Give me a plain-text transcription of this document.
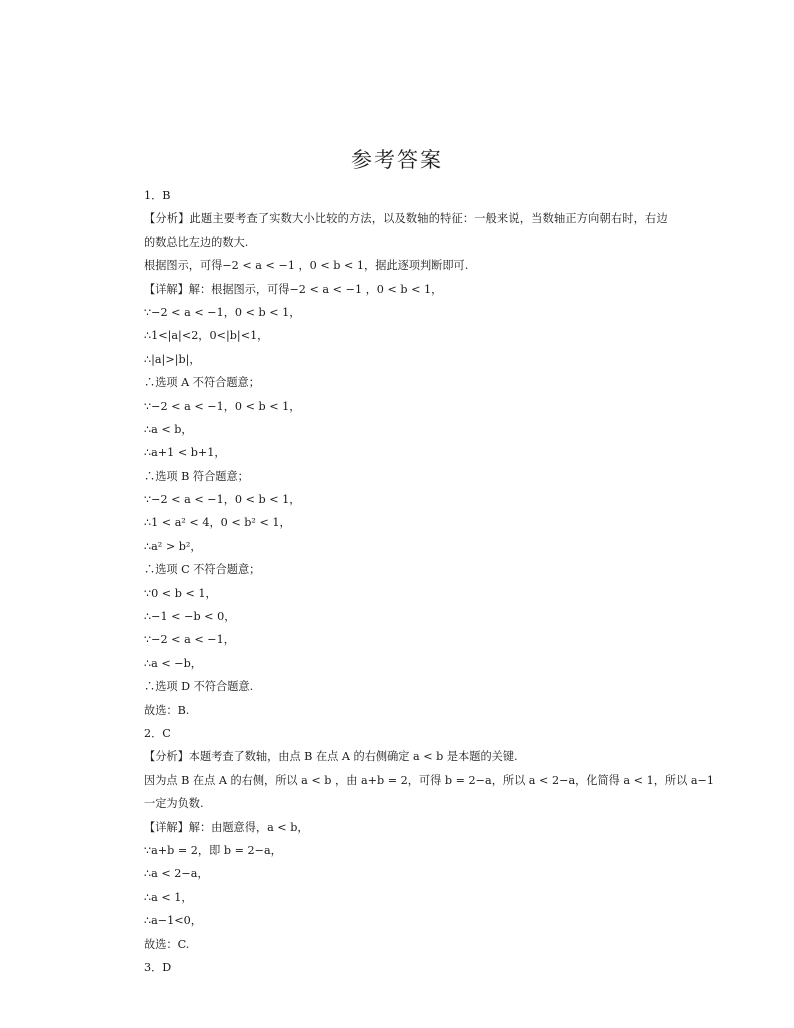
参考答案
1．B
【分析】此题主要考查了实数大小比较的方法，以及数轴的特征：一般来说，当数轴正方向朝右时，右边
的数总比左边的数大.
根据图示，可得−2 < a < −1 ，0 < b < 1，据此逐项判断即可.
【详解】解：根据图示，可得−2 < a < −1 ，0 < b < 1，
∵−2 < a < −1，0 < b < 1，
∴1<|a|<2，0<|b|<1，
∴|a|>|b|，
∴选项 A 不符合题意；
∵−2 < a < −1，0 < b < 1，
∴a < b，
∴a+1 < b+1，
∴选项 B 符合题意；
∵−2 < a < −1，0 < b < 1，
∴1 < a² < 4，0 < b² < 1，
∴a² > b²，
∴选项 C 不符合题意；
∵0 < b < 1，
∴−1 < −b < 0，
∵−2 < a < −1，
∴a < −b，
∴选项 D 不符合题意.
故选：B.
2．C
【分析】本题考查了数轴，由点 B 在点 A 的右侧确定 a < b 是本题的关键.
因为点 B 在点 A 的右侧，所以 a < b ，由 a+b = 2，可得 b = 2−a，所以 a < 2−a，化简得 a < 1，所以 a−1
一定为负数.
【详解】解：由题意得，a < b，
∵a+b = 2，即 b = 2−a，
∴a < 2−a，
∴a < 1，
∴a−1<0，
故选：C.
3．D
